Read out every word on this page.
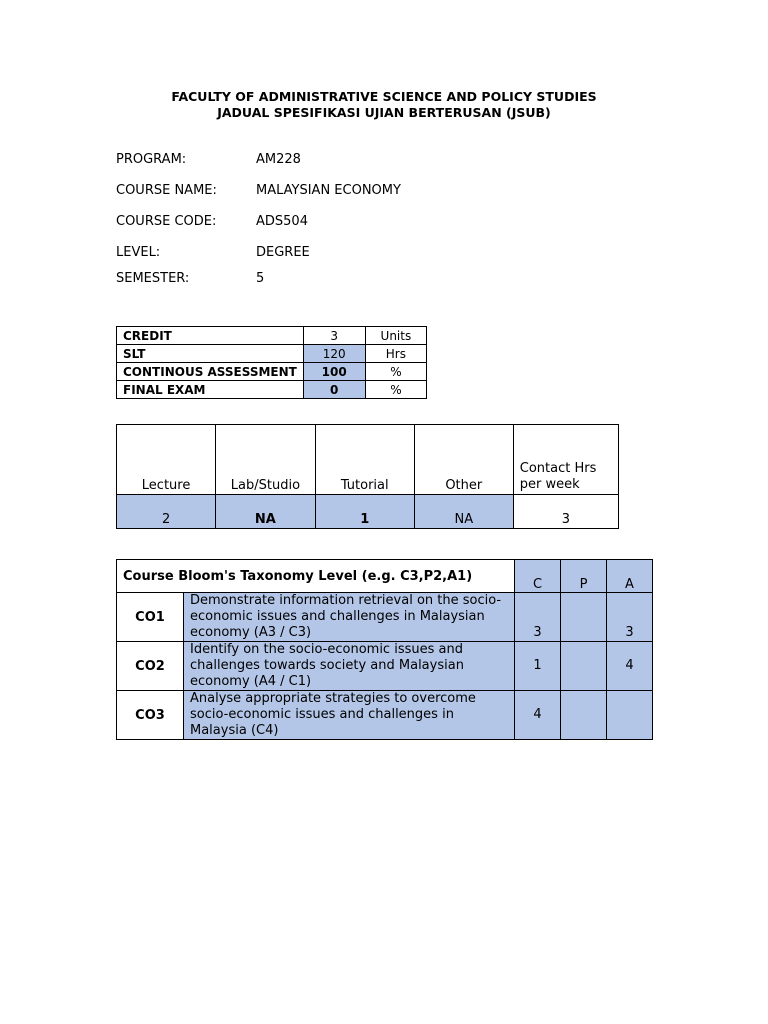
FACULTY OF ADMINISTRATIVE SCIENCE AND POLICY STUDIES
JADUAL SPESIFIKASI UJIAN BERTERUSAN (JSUB)
PROGRAM:	AM228
COURSE NAME:	MALAYSIAN ECONOMY
COURSE CODE:	ADS504
LEVEL:	DEGREE
SEMESTER:	5
CREDIT	3	Units
SLT	120	Hrs
CONTINOUS ASSESSMENT	100	%
FINAL EXAM	0	%
Lecture	Lab/Studio	Tutorial	Other	Contact Hrs per week
2	NA	1	NA	3
Course Bloom's Taxonomy Level (e.g. C3,P2,A1)		C	P	A
CO1	Demonstrate information retrieval on the socio-economic issues and challenges in Malaysian economy (A3 / C3)	3		3
CO2	Identify on the socio-economic issues and challenges towards society and Malaysian economy (A4 / C1)	1		4
CO3	Analyse appropriate strategies to overcome socio-economic issues and challenges in Malaysia (C4)	4		
